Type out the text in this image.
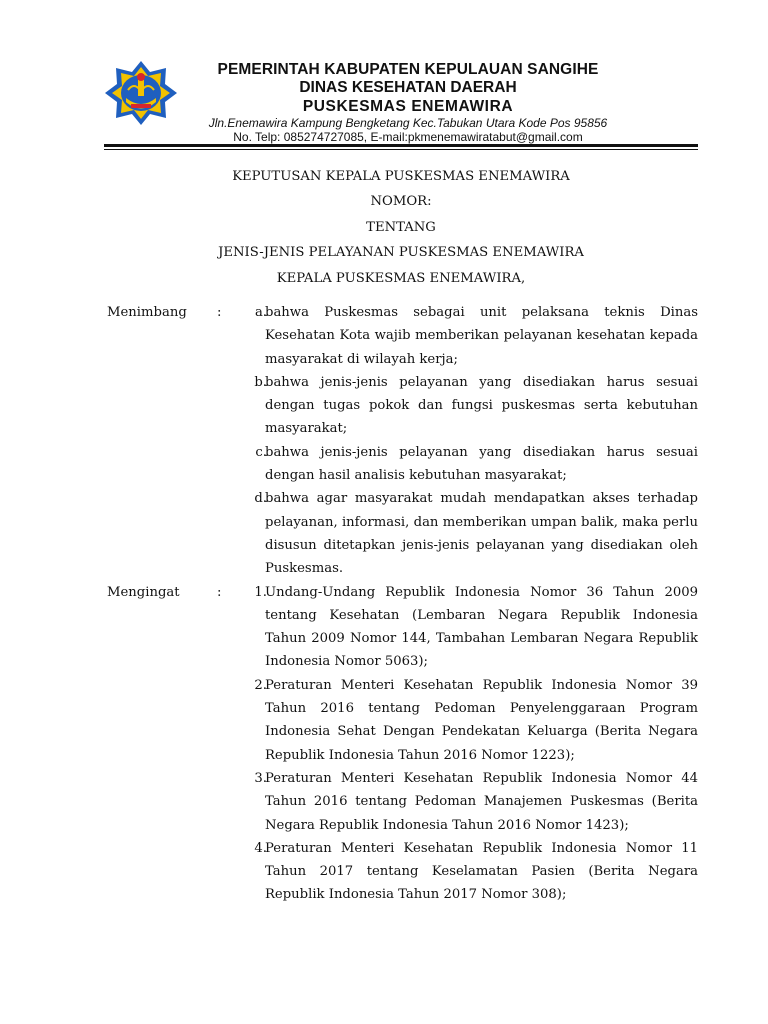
PEMERINTAH KABUPATEN KEPULAUAN SANGIHE
DINAS KESEHATAN DAERAH
PUSKESMAS ENEMAWIRA
Jln.Enemawira Kampung Bengketang Kec.Tabukan Utara Kode Pos 95856
No. Telp: 085274727085, E-mail:pkmenemawiratabut@gmail.com
KEPUTUSAN KEPALA PUSKESMAS ENEMAWIRA
NOMOR:
TENTANG
JENIS-JENIS PELAYANAN PUSKESMAS ENEMAWIRA
KEPALA PUSKESMAS ENEMAWIRA,
Menimbang :	a.
bahwa Puskesmas sebagai unit pelaksana teknis Dinas Kesehatan Kota wajib memberikan pelayanan kesehatan kepada masyarakat di wilayah kerja;
b.
bahwa jenis-jenis pelayanan yang disediakan harus sesuai dengan tugas pokok dan fungsi puskesmas serta kebutuhan masyarakat;
c.
bahwa jenis-jenis pelayanan yang disediakan harus sesuai dengan hasil analisis kebutuhan masyarakat;
d.
bahwa agar masyarakat mudah mendapatkan akses terhadap pelayanan, informasi, dan memberikan umpan balik, maka perlu disusun ditetapkan jenis-jenis pelayanan yang disediakan oleh Puskesmas.
Mengingat	: 1.
Undang-Undang Republik Indonesia Nomor 36 Tahun 2009 tentang Kesehatan (Lembaran Negara Republik Indonesia Tahun 2009 Nomor 144, Tambahan Lembaran Negara Republik Indonesia Nomor 5063);
2.
Peraturan Menteri Kesehatan Republik Indonesia Nomor 39 Tahun 2016 tentang Pedoman Penyelenggaraan Program Indonesia Sehat Dengan Pendekatan Keluarga (Berita Negara Republik Indonesia Tahun 2016 Nomor 1223);
3.
Peraturan Menteri Kesehatan Republik Indonesia Nomor 44 Tahun 2016 tentang Pedoman Manajemen Puskesmas (Berita Negara Republik Indonesia Tahun 2016 Nomor 1423);
4.
Peraturan Menteri Kesehatan Republik Indonesia Nomor 11 Tahun 2017 tentang Keselamatan Pasien (Berita Negara Republik Indonesia Tahun 2017 Nomor 308);
